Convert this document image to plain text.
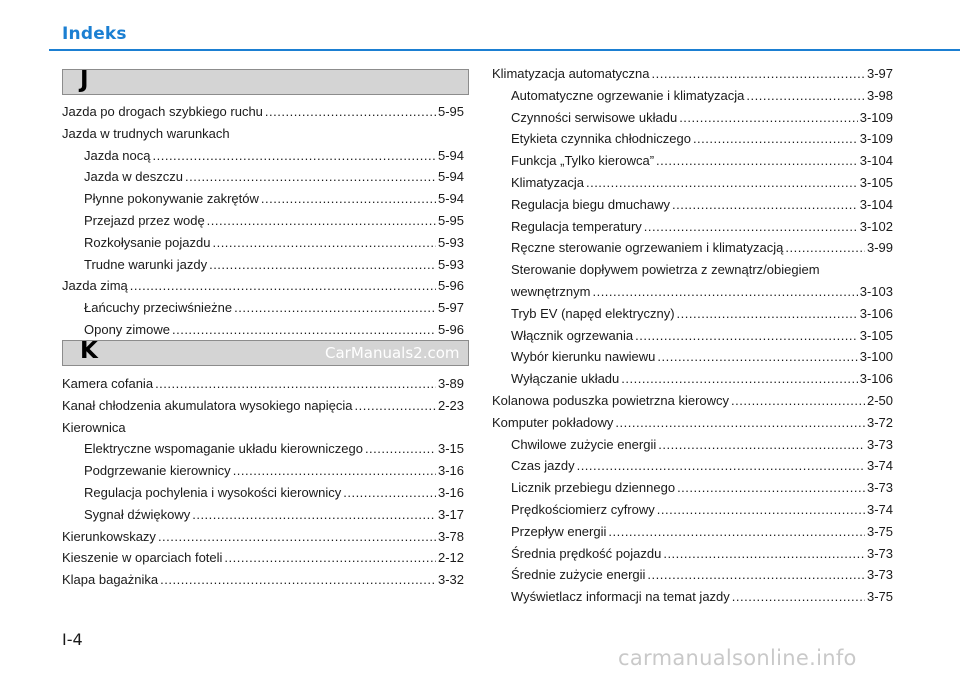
Indeks
J
K	CarManuals2.com
Jazda po drogach szybkiego ruchu .....	5-95
Jazda w trudnych warunkach
Jazda nocą .....	5-94
Jazda w deszczu .....	5-94
Płynne pokonywanie zakrętów .....	5-94
Przejazd przez wodę .....	5-95
Rozkołysanie pojazdu .....	5-93
Trudne warunki jazdy .....	5-93
Jazda zimą .....	5-96
Łańcuchy przeciwśnieżne .....	5-97
Opony zimowe .....	5-96
Kamera cofania .....	3-89
Kanał chłodzenia akumulatora wysokiego napięcia .....	2-23
Kierownica
Elektryczne wspomaganie układu kierowniczego .....	3-15
Podgrzewanie kierownicy .....	3-16
Regulacja pochylenia i wysokości kierownicy .....	3-16
Sygnał dźwiękowy .....	3-17
Kierunkowskazy .....	3-78
Kieszenie w oparciach foteli .....	2-12
Klapa bagażnika .....	3-32
Klimatyzacja automatyczna .....	3-97
Automatyczne ogrzewanie i klimatyzacja .....	3-98
Czynności serwisowe układu .....	3-109
Etykieta czynnika chłodniczego .....	3-109
Funkcja „Tylko kierowca” .....	3-104
Klimatyzacja .....	3-105
Regulacja biegu dmuchawy .....	3-104
Regulacja temperatury .....	3-102
Ręczne sterowanie ogrzewaniem i klimatyzacją .....	3-99
Sterowanie dopływem powietrza z zewnątrz/obiegiem
wewnętrznym .....	3-103
Tryb EV (napęd elektryczny) .....	3-106
Włącznik ogrzewania .....	3-105
Wybór kierunku nawiewu .....	3-100
Wyłączanie układu .....	3-106
Kolanowa poduszka powietrzna kierowcy .....	2-50
Komputer pokładowy .....	3-72
Chwilowe zużycie energii .....	3-73
Czas jazdy .....	3-74
Licznik przebiegu dziennego .....	3-73
Prędkościomierz cyfrowy .....	3-74
Przepływ energii .....	3-75
Średnia prędkość pojazdu .....	3-73
Średnie zużycie energii .....	3-73
Wyświetlacz informacji na temat jazdy .....	3-75
I-4
carmanualsonline.info
